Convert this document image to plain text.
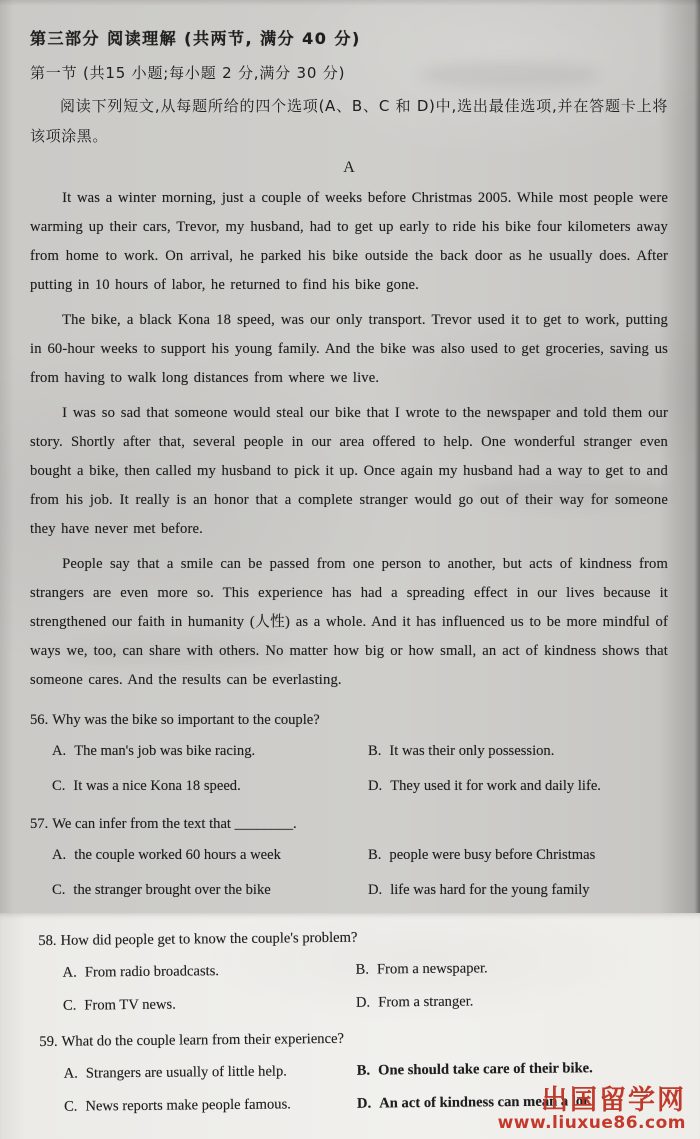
第三部分 阅读理解 (共两节, 满分 40 分)
第一节 (共15 小题;每小题 2 分,满分 30 分)
阅读下列短文,从每题所给的四个选项(A、B、C 和 D)中,选出最佳选项,并在答题卡上将该项涂黑。
A

It was a winter morning, just a couple of weeks before Christmas 2005. While most people were warming up their cars, Trevor, my husband, had to get up early to ride his bike four kilometers away from home to work. On arrival, he parked his bike outside the back door as he usually does. After putting in 10 hours of labor, he returned to find his bike gone.

The bike, a black Kona 18 speed, was our only transport. Trevor used it to get to work, putting in 60-hour weeks to support his young family. And the bike was also used to get groceries, saving us from having to walk long distances from where we live.

I was so sad that someone would steal our bike that I wrote to the newspaper and told them our story. Shortly after that, several people in our area offered to help. One wonderful stranger even bought a bike, then called my husband to pick it up. Once again my husband had a way to get to and from his job. It really is an honor that a complete stranger would go out of their way for someone they have never met before.

People say that a smile can be passed from one person to another, but acts of kindness from strangers are even more so. This experience has had a spreading effect in our lives because it strengthened our faith in humanity (人性) as a whole. And it has influenced us to be more mindful of ways we, too, can share with others. No matter how big or how small, an act of kindness shows that someone cares. And the results can be everlasting.

56. Why was the bike so important to the couple?
A. The man's job was bike racing.	B. It was their only possession.
C. It was a nice Kona 18 speed.	D. They used it for work and daily life.
57. We can infer from the text that ________.
A. the couple worked 60 hours a week	B. people were busy before Christmas
C. the stranger brought over the bike	D. life was hard for the young family
58. How did people get to know the couple's problem?
A. From radio broadcasts.	B. From a newspaper.
C. From TV news.	D. From a stranger.
59. What do the couple learn from their experience?
A. Strangers are usually of little help.	B. One should take care of their bike.
C. News reports make people famous.	D. An act of kindness can mean a lot.
出国留学网
www.liuxue86.com
